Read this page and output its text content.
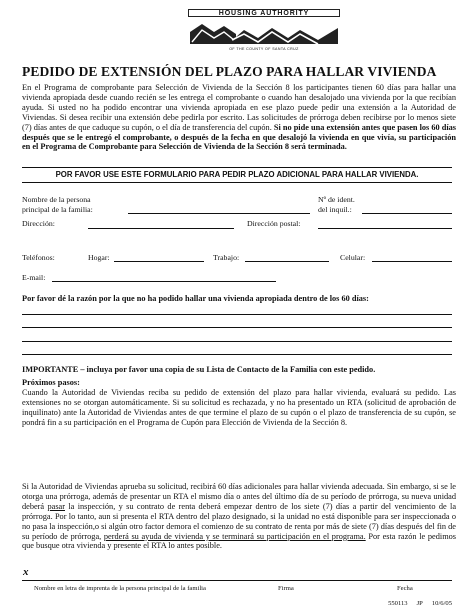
HOUSING AUTHORITY
OF THE COUNTY OF SANTA CRUZ
PEDIDO DE EXTENSIÓN DEL PLAZO PARA HALLAR VIVIENDA
En el Programa de comprobante para Selección de Vivienda de la Sección 8 los participantes tienen 60 días para hallar una vivienda apropiada desde cuando recién se les entrega el comprobante o cuando han desalojado una vivienda por la que recibían ayuda. Si usted no ha podido encontrar una vivienda apropiada en ese plazo puede pedir una extensión a la Autoridad de Viviendas. Si desea recibir una extensión debe pedirla por escrito. Las solicitudes de prórroga deben recibirse por lo menos siete (7) días antes de que caduque su cupón, o el día de transferencia del cupón. Si no pide una extensión antes que pasen los 60 días después que se le entregó el comprobante, o después de la fecha en que desalojó la vivienda en que vivía, su participación en el Programa de Comprobante para Selección de Vivienda de la Sección 8 será terminada.
POR FAVOR USE ESTE FORMULARIO PARA PEDIR PLAZO ADICIONAL PARA HALLAR VIVIENDA.
Nombre de la persona
principal de la familia:
Nº de ident.
del inquil.:
Dirección:	Dirección postal:
Teléfonos:	Hogar:	Trabajo:	Celular:
E-mail:
Por favor dé la razón por la que no ha podido hallar una vivienda apropiada dentro de los 60 días:
IMPORTANTE – incluya por favor una copia de su Lista de Contacto de la Familia con este pedido.
Próximos pasos:
Cuando la Autoridad de Viviendas reciba su pedido de extensión del plazo para hallar vivienda, evaluará su pedido. Las extensiones no se otorgan automáticamente. Si su solicitud es rechazada, y no ha presentado un RTA (solicitud de aprobación de inquilinato) ante la Autoridad de Viviendas antes de que termine el plazo de su cupón o el plazo de transferencia de su cupón, se pondrá fin a su participación en el Programa de Cupón para Elección de Vivienda de la Sección 8.
Si la Autoridad de Viviendas aprueba su solicitud, recibirá 60 días adicionales para hallar vivienda adecuada. Sin embargo, si se le otorga una prórroga, además de presentar un RTA el mismo día o antes del último día de su período de prórroga, su nueva unidad deberá pasar la inspección, y su contrato de renta deberá empezar dentro de los siete (7) días a partir del vencimiento de la prórroga. Por lo tanto, aun si presenta el RTA dentro del plazo designado, si la unidad no está disponible para ser inspeccionada o no pasa la inspección,o si algún otro factor demora el comienzo de su contrato de renta por más de siete (7) días después del fin de su período de prórroga, perderá su ayuda de vivienda y se terminará su participación en el programa. Por esta razón le pedimos que busque otra vivienda y presente el RTA lo antes posible.
x
Nombre en letra de imprenta de la persona principal de la familia	Firma	Fecha
550113 JP 10/6/05
